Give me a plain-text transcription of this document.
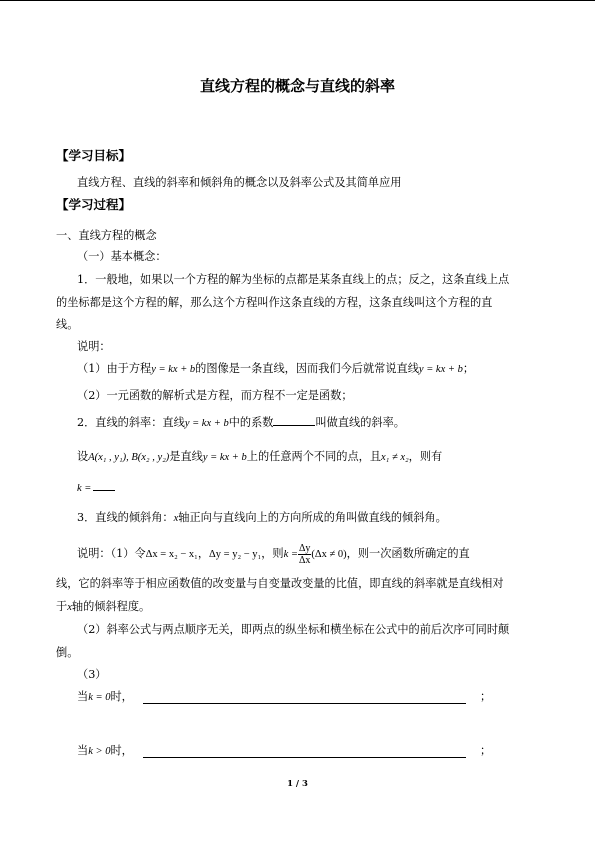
直线方程的概念与直线的斜率
【学习目标】
直线方程、直线的斜率和倾斜角的概念以及斜率公式及其简单应用
【学习过程】
一、直线方程的概念
（一）基本概念：
1．一般地，如果以一个方程的解为坐标的点都是某条直线上的点；反之，这条直线上点
的坐标都是这个方程的解，那么这个方程叫作这条直线的方程，这条直线叫这个方程的直
线。
说明：
（1）由于方程y = kx + b的图像是一条直线，因而我们今后就常说直线y = kx + b；
（2）一元函数的解析式是方程，而方程不一定是函数；
2．直线的斜率：直线y = kx + b中的系数	叫做直线的斜率。
设A(x₁ , y₁), B(x₂ , y₂)是直线y = kx + b上的任意两个不同的点，且x₁ ≠ x₂，则有
k =
3．直线的倾斜角：x轴正向与直线向上的方向所成的角叫做直线的倾斜角。
说明：（1）令Δx = x₂ − x₁，Δy = y₂ − y₁，则$k = \frac{\Delta y}{\Delta x} (\Delta x \ne 0)$，则一次函数所确定的直
线，它的斜率等于相应函数值的改变量与自变量改变量的比值，即直线的斜率就是直线相对
于x轴的倾斜程度。
（2）斜率公式与两点顺序无关，即两点的纵坐标和横坐标在公式中的前后次序可同时颠
倒。
（3）
当k = 0时，	；
当k > 0时，	；
1 / 3
